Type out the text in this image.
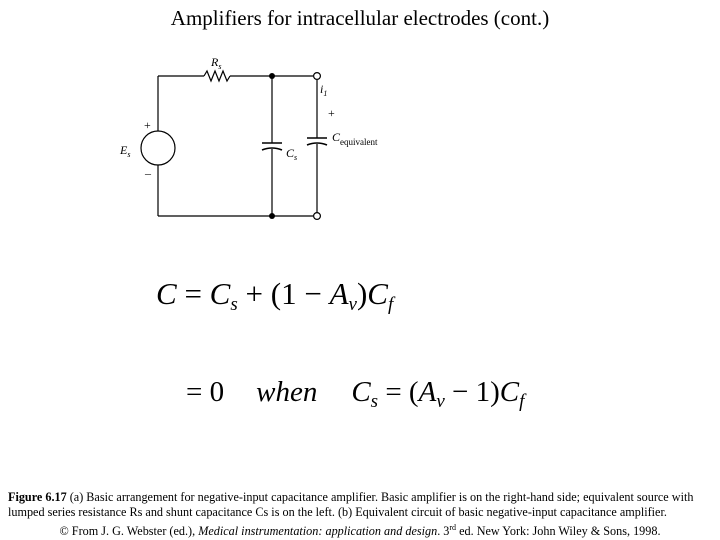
Amplifiers for intracellular electrodes (cont.)
$R_s$
$i_1$
+
+
–
$E_s$	$C_s$
$C_{equivalent}$
$C = C_s + (1 - A_v)C_f$
= 0 when $C_s = (A_v - 1)C_f$
Figure 6.17 (a) Basic arrangement for negative-input capacitance amplifier. Basic amplifier is on the right-hand side; equivalent source with lumped series resistance Rs and shunt capacitance Cs is on the left. (b) Equivalent circuit of basic negative-input capacitance amplifier.
© From J. G. Webster (ed.), Medical instrumentation: application and design. 3rd ed. New York: John Wiley & Sons, 1998.
